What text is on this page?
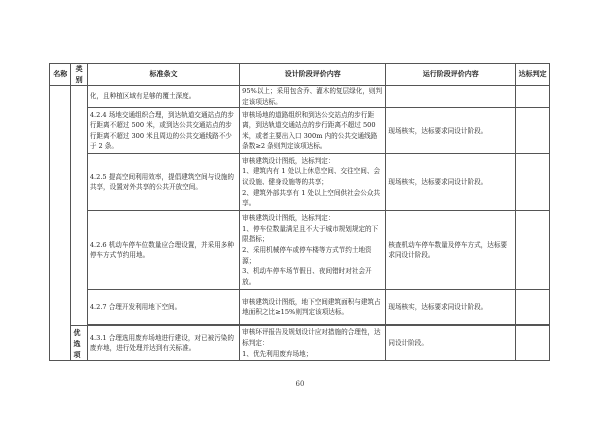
名称	类别	标准条文	设计阶段评价内容	运行阶段评价内容	达标判定
		化，且种植区域有足够的覆土深度。	95%以上；采用包含乔、灌木的复层绿化，则判定该项达标。		

		4.2.4 场地交通组织合理，到达轨道交通站点的步行距离不超过 500 米，或到达公共交通站点的步行距离不超过 300 米且周边的公共交通线路不少于 2 条。	审核场地的道路组织和到达公交站点的步行距离，到达轨道交通站点的步行距离不超过 500 米，或者主要出入口 300m 内的公共交通线路条数≥2 条则判定该项达标。	现场核实，达标要求同设计阶段。	
		4.2.5 提高空间利用效率，提倡建筑空间与设施的共享，设置对外共享的公共开放空间。	审核建筑设计图纸，达标判定：
1、建筑内有 1 处以上休息空间、交往空间、会议设施、健身设施等的共享；
2、建筑外部共享有 1 处以上空间供社会公众共享。	现场核实，达标要求同设计阶段。	
		4.2.6 机动车停车位数量应合理设置，并采用多种停车方式节约用地。	审核建筑设计图纸，达标判定：
1、停车位数量满足且不大于城市规划规定的下限指标；
2、采用机械停车或停车楼等方式节约土地资源；
3、机动车停车场节假日、夜间错时对社会开放。	核查机动车停车数量及停车方式，达标要求同设计阶段。	
		4.2.7 合理开发利用地下空间。	审核建筑设计图纸，地下空间建筑面积与建筑占地面积之比≥15%则判定该项达标。	现场核实，达标要求同设计阶段。	

	优
选
项	4.3.1 合理选用废弃场地进行建设，对已被污染的废弃地，进行处理并达到有关标准。	审核环评报告及规划设计应对措施的合理性，达标判定：
1、优先利用废弃场地；	同设计阶段。	
60
